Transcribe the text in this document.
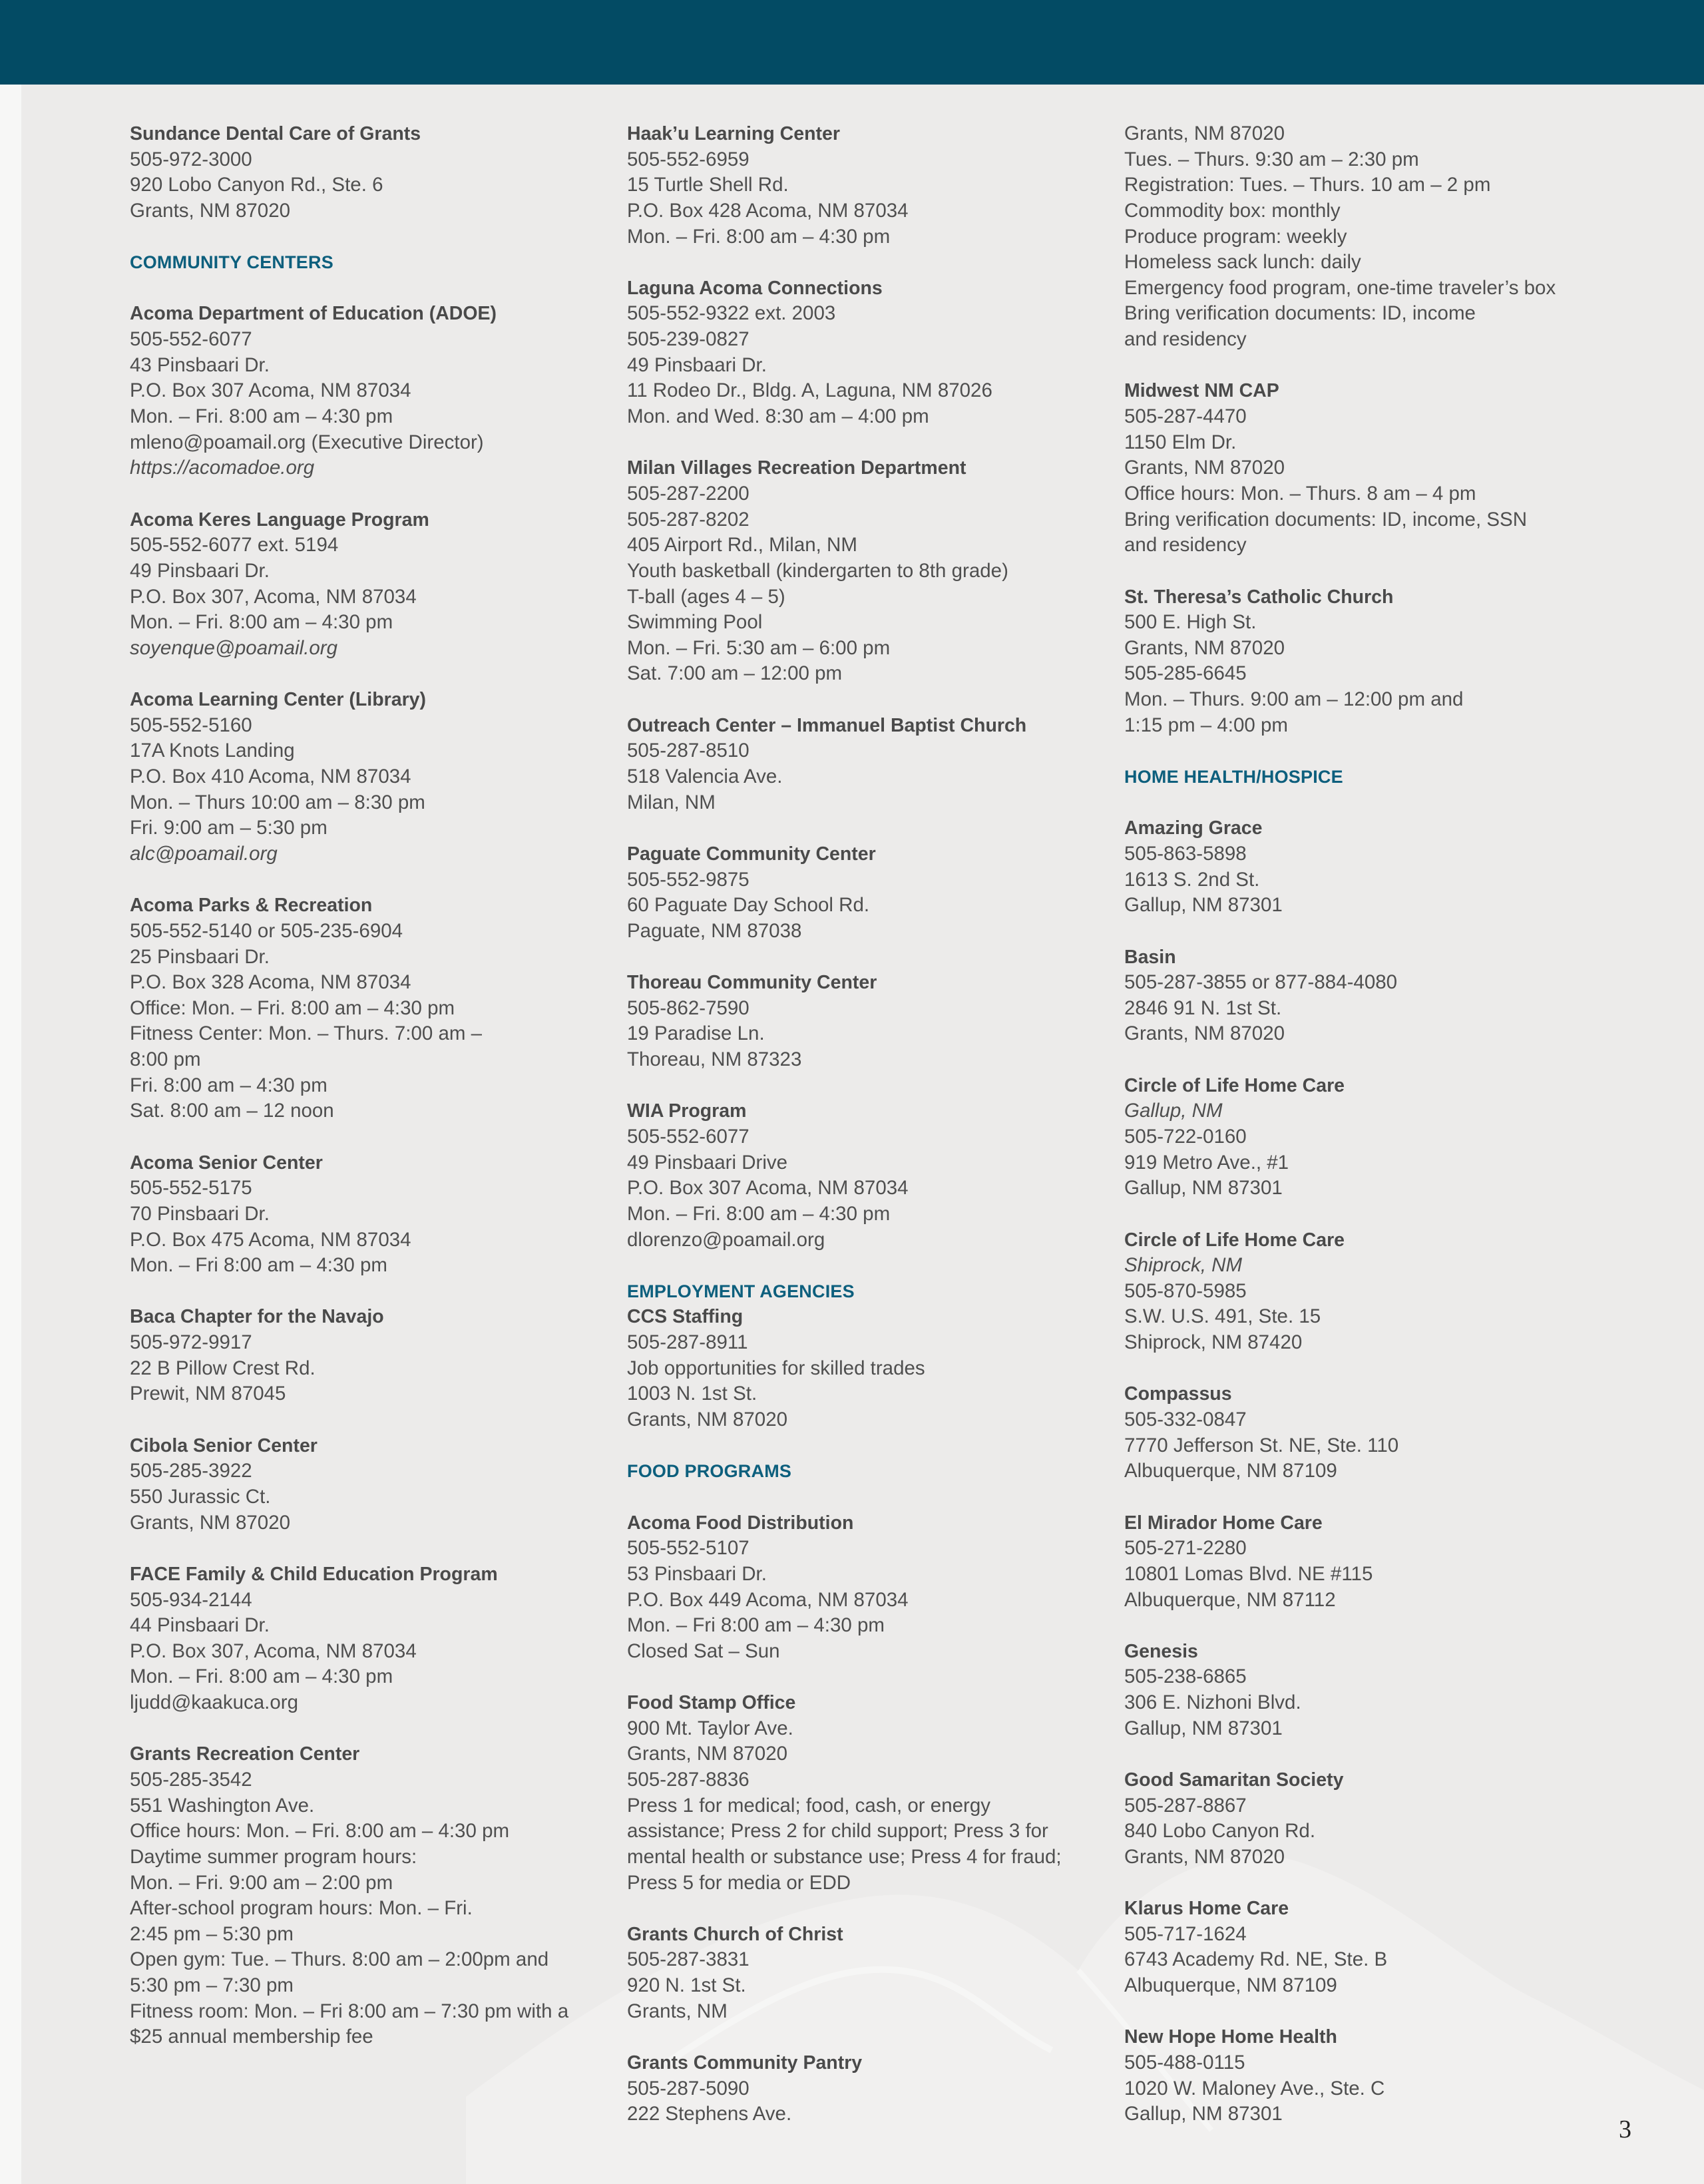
Sundance Dental Care of Grants
505-972-3000
920 Lobo Canyon Rd., Ste. 6
Grants, NM 87020
COMMUNITY CENTERS
Acoma Department of Education (ADOE)
505-552-6077
43 Pinsbaari Dr.
P.O. Box 307 Acoma, NM 87034
Mon. – Fri. 8:00 am – 4:30 pm
mleno@poamail.org (Executive Director)
https://acomadoe.org
Acoma Keres Language Program
505-552-6077 ext. 5194
49 Pinsbaari Dr.
P.O. Box 307, Acoma, NM 87034
Mon. – Fri. 8:00 am – 4:30 pm
soyenque@poamail.org
Acoma Learning Center (Library)
505-552-5160
17A Knots Landing
P.O. Box 410 Acoma, NM 87034
Mon. – Thurs 10:00 am – 8:30 pm
Fri. 9:00 am – 5:30 pm
alc@poamail.org
Acoma Parks & Recreation
505-552-5140 or 505-235-6904
25 Pinsbaari Dr.
P.O. Box 328 Acoma, NM 87034
Office: Mon. – Fri. 8:00 am – 4:30 pm
Fitness Center: Mon. – Thurs. 7:00 am –
8:00 pm
Fri. 8:00 am – 4:30 pm
Sat. 8:00 am – 12 noon
Acoma Senior Center
505-552-5175
70 Pinsbaari Dr.
P.O. Box 475 Acoma, NM 87034
Mon. – Fri 8:00 am – 4:30 pm
Baca Chapter for the Navajo
505-972-9917
22 B Pillow Crest Rd.
Prewit, NM 87045
Cibola Senior Center
505-285-3922
550 Jurassic Ct.
Grants, NM 87020
FACE Family & Child Education Program
505-934-2144
44 Pinsbaari Dr.
P.O. Box 307, Acoma, NM 87034
Mon. – Fri. 8:00 am – 4:30 pm
ljudd@kaakuca.org
Grants Recreation Center
505-285-3542
551 Washington Ave.
Office hours: Mon. – Fri. 8:00 am – 4:30 pm
Daytime summer program hours:
Mon. – Fri. 9:00 am – 2:00 pm
After-school program hours: Mon. – Fri.
2:45 pm – 5:30 pm
Open gym: Tue. – Thurs. 8:00 am – 2:00pm and
5:30 pm – 7:30 pm
Fitness room: Mon. – Fri 8:00 am – 7:30 pm with a
$25 annual membership fee
Haak’u Learning Center
505-552-6959
15 Turtle Shell Rd.
P.O. Box 428 Acoma, NM 87034
Mon. – Fri. 8:00 am – 4:30 pm
Laguna Acoma Connections
505-552-9322 ext. 2003
505-239-0827
49 Pinsbaari Dr.
11 Rodeo Dr., Bldg. A, Laguna, NM 87026
Mon. and Wed. 8:30 am – 4:00 pm
Milan Villages Recreation Department
505-287-2200
505-287-8202
405 Airport Rd., Milan, NM
Youth basketball (kindergarten to 8th grade)
T-ball (ages 4 – 5)
Swimming Pool
Mon. – Fri. 5:30 am – 6:00 pm
Sat. 7:00 am – 12:00 pm
Outreach Center – Immanuel Baptist Church
505-287-8510
518 Valencia Ave.
Milan, NM
Paguate Community Center
505-552-9875
60 Paguate Day School Rd.
Paguate, NM 87038
Thoreau Community Center
505-862-7590
19 Paradise Ln.
Thoreau, NM 87323
WIA Program
505-552-6077
49 Pinsbaari Drive
P.O. Box 307 Acoma, NM 87034
Mon. – Fri. 8:00 am – 4:30 pm
dlorenzo@poamail.org
EMPLOYMENT AGENCIES
CCS Staffing
505-287-8911
Job opportunities for skilled trades
1003 N. 1st St.
Grants, NM 87020
FOOD PROGRAMS
Acoma Food Distribution
505-552-5107
53 Pinsbaari Dr.
P.O. Box 449 Acoma, NM 87034
Mon. – Fri 8:00 am – 4:30 pm
Closed Sat – Sun
Food Stamp Office
900 Mt. Taylor Ave.
Grants, NM 87020
505-287-8836
Press 1 for medical; food, cash, or energy
assistance; Press 2 for child support; Press 3 for
mental health or substance use; Press 4 for fraud;
Press 5 for media or EDD
Grants Church of Christ
505-287-3831
920 N. 1st St.
Grants, NM
Grants Community Pantry
505-287-5090
222 Stephens Ave.
Grants, NM 87020
Tues. – Thurs. 9:30 am – 2:30 pm
Registration: Tues. – Thurs. 10 am – 2 pm
Commodity box: monthly
Produce program: weekly
Homeless sack lunch: daily
Emergency food program, one-time traveler’s box
Bring verification documents: ID, income
and residency
Midwest NM CAP
505-287-4470
1150 Elm Dr.
Grants, NM 87020
Office hours: Mon. – Thurs. 8 am – 4 pm
Bring verification documents: ID, income, SSN
and residency
St. Theresa’s Catholic Church
500 E. High St.
Grants, NM 87020
505-285-6645
Mon. – Thurs. 9:00 am – 12:00 pm and
1:15 pm – 4:00 pm
HOME HEALTH/HOSPICE
Amazing Grace
505-863-5898
1613 S. 2nd St.
Gallup, NM 87301
Basin
505-287-3855 or 877-884-4080
2846 91 N. 1st St.
Grants, NM 87020
Circle of Life Home Care
Gallup, NM
505-722-0160
919 Metro Ave., #1
Gallup, NM 87301
Circle of Life Home Care
Shiprock, NM
505-870-5985
S.W. U.S. 491, Ste. 15
Shiprock, NM 87420
Compassus
505-332-0847
7770 Jefferson St. NE, Ste. 110
Albuquerque, NM 87109
El Mirador Home Care
505-271-2280
10801 Lomas Blvd. NE #115
Albuquerque, NM 87112
Genesis
505-238-6865
306 E. Nizhoni Blvd.
Gallup, NM 87301
Good Samaritan Society
505-287-8867
840 Lobo Canyon Rd.
Grants, NM 87020
Klarus Home Care
505-717-1624
6743 Academy Rd. NE, Ste. B
Albuquerque, NM 87109
New Hope Home Health
505-488-0115
1020 W. Maloney Ave., Ste. C
Gallup, NM 87301
3
